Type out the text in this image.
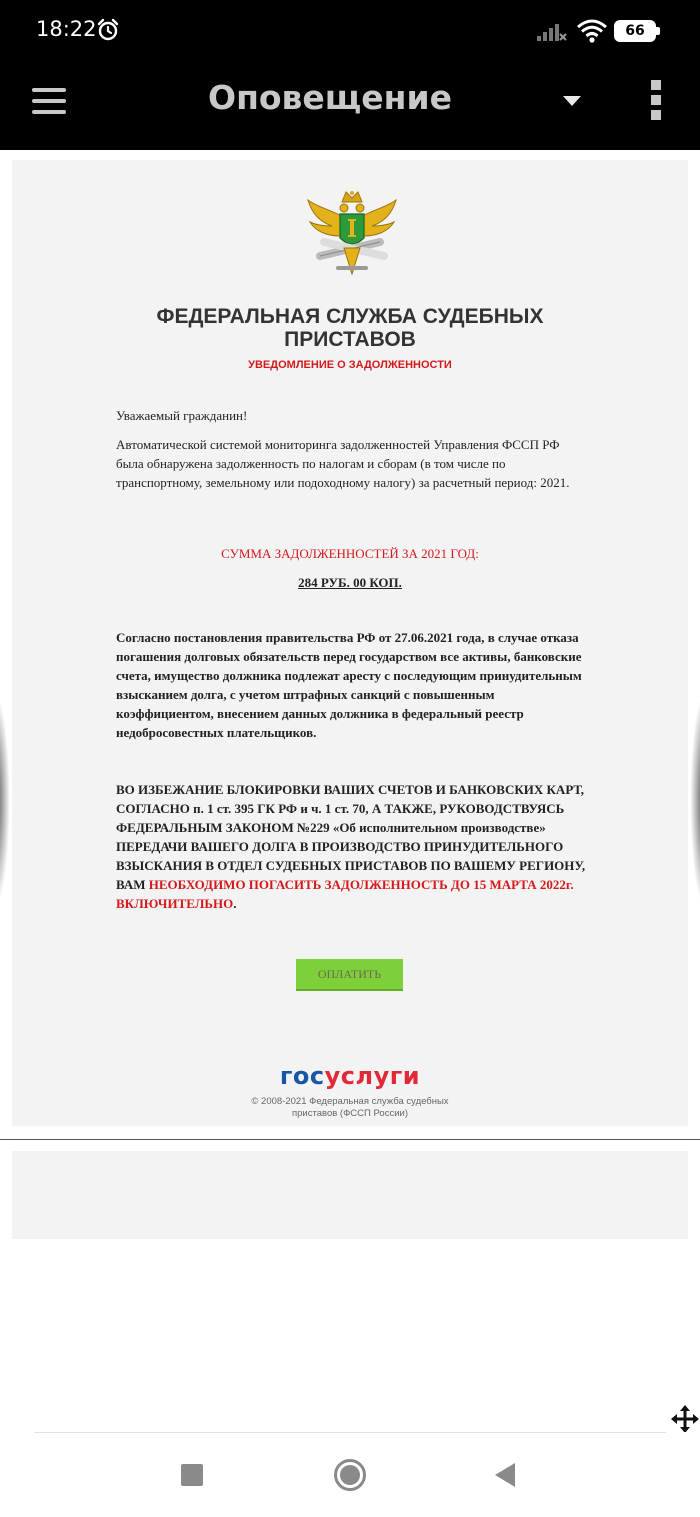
18:22	66
Оповещение
ФЕДЕРАЛЬНАЯ СЛУЖБА СУДЕБНЫХ ПРИСТАВОВ
УВЕДОМЛЕНИЕ О ЗАДОЛЖЕННОСТИ
Уважаемый гражданин!
Автоматической системой мониторинга задолженностей Управления ФССП РФ была обнаружена задолженность по налогам и сборам (в том числе по транспортному, земельному или подоходному налогу) за расчетный период: 2021.
СУММА ЗАДОЛЖЕННОСТЕЙ ЗА 2021 ГОД:
284 РУБ. 00 КОП.
Согласно постановления правительства РФ от 27.06.2021 года, в случае отказа погашения долговых обязательств перед государством все активы, банковские счета, имущество должника подлежат аресту с последующим принудительным взысканием долга, с учетом штрафных санкций с повышенным коэффициентом, внесением данных должника в федеральный реестр недобросовестных плательщиков.
ВО ИЗБЕЖАНИЕ БЛОКИРОВКИ ВАШИХ СЧЕТОВ И БАНКОВСКИХ КАРТ, СОГЛАСНО п. 1 ст. 395 ГК РФ и ч. 1 ст. 70, А ТАКЖЕ, РУКОВОДСТВУЯСЬ ФЕДЕРАЛЬНЫМ ЗАКОНОМ №229 «Об исполнительном производстве» ПЕРЕДАЧИ ВАШЕГО ДОЛГА В ПРОИЗВОДСТВО ПРИНУДИТЕЛЬНОГО ВЗЫСКАНИЯ В ОТДЕЛ СУДЕБНЫХ ПРИСТАВОВ ПО ВАШЕМУ РЕГИОНУ, ВАМ НЕОБХОДИМО ПОГАСИТЬ ЗАДОЛЖЕННОСТЬ ДО 15 МАРТА 2022г. ВКЛЮЧИТЕЛЬНО.
ОПЛАТИТЬ
госуслуги
© 2008-2021 Федеральная служба судебных приставов (ФССП России)
